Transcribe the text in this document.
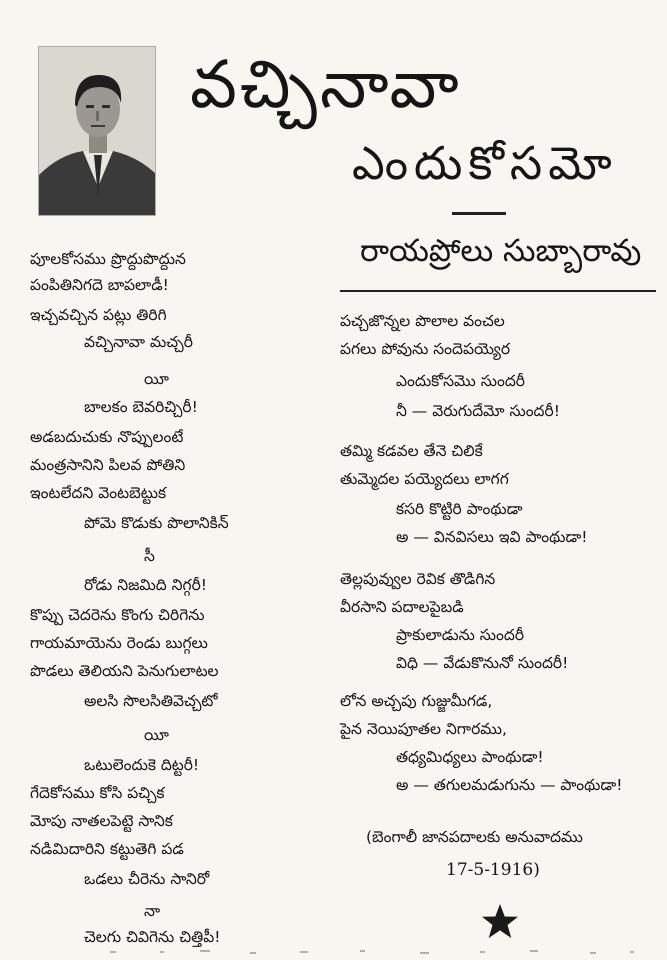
వచ్చినావా
ఎందుకోసమో
రాయప్రోలు సుబ్బారావు
పూలకోసము ప్రొద్దుపొద్దున
పంపితినిగదె బాపలాడీ!
ఇచ్చవచ్చిన పట్లు తిరిగి
వచ్చినావా మచ్చరీ
యీ
బాలకం బెవరిచ్చిరీ!
అడబదుచుకు నొప్పులంటే
మంత్రసానిని పిలవ పోతిని
ఇంటలేదని వెంటబెట్టుక
పోమె కొడుకు పొలానికిన్
సీ
రోడు నిజమిది నిగ్గరీ!
కొప్పు చెదరెను కొంగు చిరిగెను
గాయమాయెను రెండు బుగ్గలు
పొడలు తెలియని పెనుగులాటల
అలసి సొలసితివెచ్చటో
యీ
ఒటులెందుకె దిట్టరీ!
గేదెకోసము కోసి పచ్చిక
మోపు నాతలపెట్టె సానిక
నడిమిదారిని కట్టుతెగి పడ
ఒడలు చీరెను సానిరో
నా
చెలగు చివిగెను చిత్తిపీ!
పచ్చజొన్నల పొలాల వంచల
పగలు పోవును సందెపయ్యెర
ఎందుకోసమొ సుందరీ
నీ — వెరుగుదేమో సుందరీ!
తమ్మి కడవల తేనె చిలికే
తుమ్మెదల పయ్యెదలు లాగగ
కసరి కొట్టిరి పాంథుడా
అ — వినవిసలు ఇవి పాంథుడా!
తెల్లపువ్వుల రెవిక తొడిగిన
వీరసాని పదాలపైబడి
ప్రాకులాడును సుందరీ
విధి — వేడుకొనునో సుందరీ!
లోన అచ్చపు గుజ్జుమీగడ,
పైన నెయిపూతల నిగారము,
తధ్యమిధ్యలు పాంథుడా!
అ — తగులమడుగును — పాంథుడా!
(బెంగాలీ జానపదాలకు అనువాదము
17-5-1916)
